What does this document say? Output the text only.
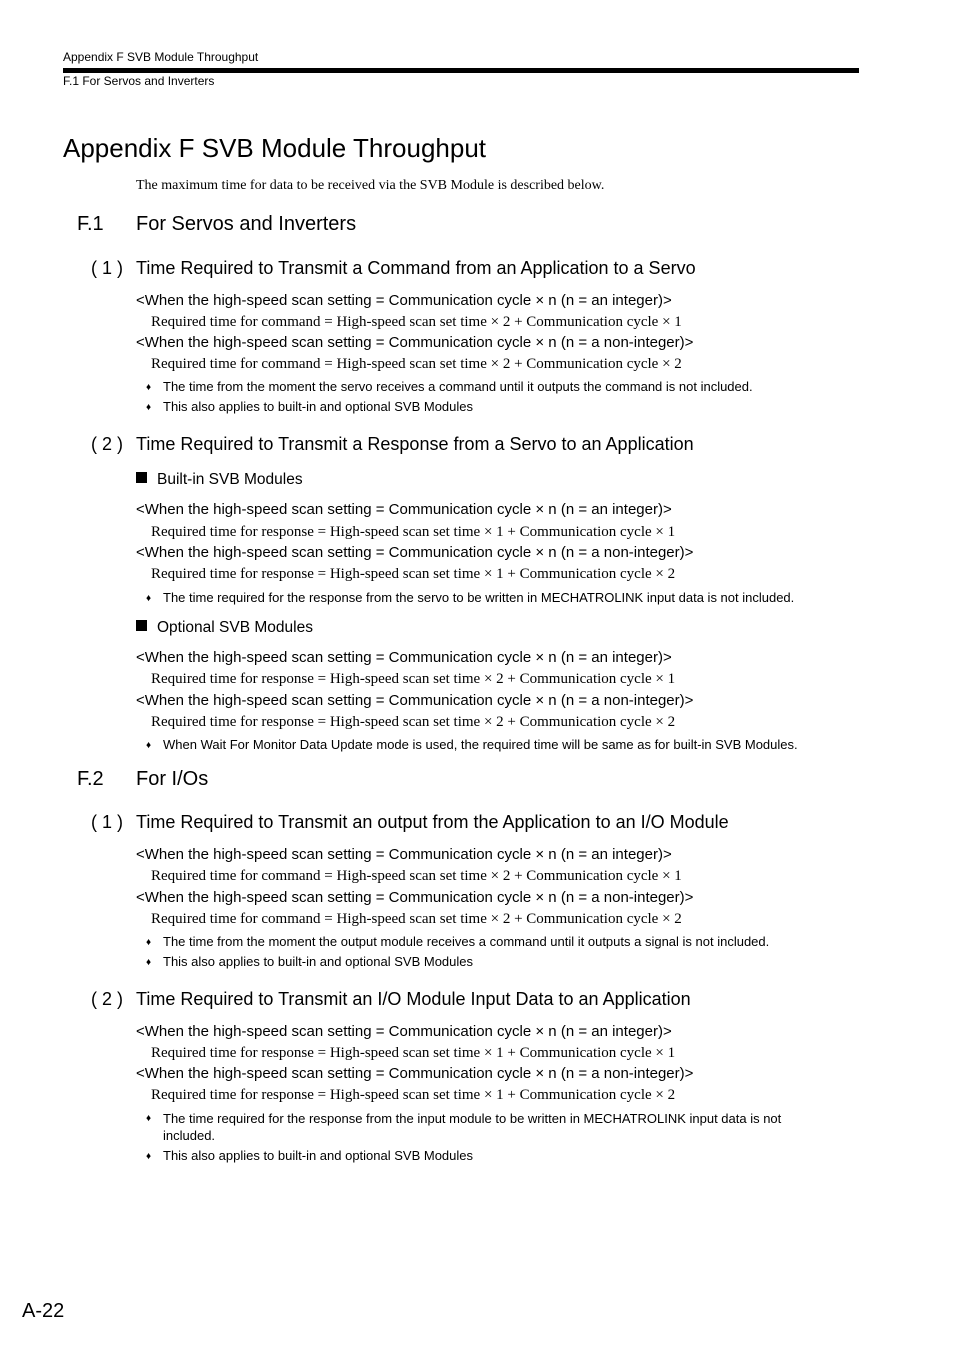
Appendix F SVB Module Throughput
F.1 For Servos and Inverters
Appendix F SVB Module Throughput
The maximum time for data to be received via the SVB Module is described below.
F.1 For Servos and Inverters
( 1 ) Time Required to Transmit a Command from an Application to a Servo
<When the high-speed scan setting = Communication cycle × n (n = an integer)>
Required time for command = High-speed scan set time × 2 + Communication cycle × 1
<When the high-speed scan setting = Communication cycle × n (n = a non-integer)>
Required time for command = High-speed scan set time × 2 + Communication cycle × 2
♦ The time from the moment the servo receives a command until it outputs the command is not included.
♦ This also applies to built-in and optional SVB Modules
( 2 ) Time Required to Transmit a Response from a Servo to an Application
Built-in SVB Modules
<When the high-speed scan setting = Communication cycle × n (n = an integer)>
Required time for response = High-speed scan set time × 1 + Communication cycle × 1
<When the high-speed scan setting = Communication cycle × n (n = a non-integer)>
Required time for response = High-speed scan set time × 1 + Communication cycle × 2
♦ The time required for the response from the servo to be written in MECHATROLINK input data is not included.
Optional SVB Modules
<When the high-speed scan setting = Communication cycle × n (n = an integer)>
Required time for response = High-speed scan set time × 2 + Communication cycle × 1
<When the high-speed scan setting = Communication cycle × n (n = a non-integer)>
Required time for response = High-speed scan set time × 2 + Communication cycle × 2
♦ When Wait For Monitor Data Update mode is used, the required time will be same as for built-in SVB Modules.
F.2 For I/Os
( 1 ) Time Required to Transmit an output from the Application to an I/O Module
<When the high-speed scan setting = Communication cycle × n (n = an integer)>
Required time for command = High-speed scan set time × 2 + Communication cycle × 1
<When the high-speed scan setting = Communication cycle × n (n = a non-integer)>
Required time for command = High-speed scan set time × 2 + Communication cycle × 2
♦ The time from the moment the output module receives a command until it outputs a signal is not included.
♦ This also applies to built-in and optional SVB Modules
( 2 ) Time Required to Transmit an I/O Module Input Data to an Application
<When the high-speed scan setting = Communication cycle × n (n = an integer)>
Required time for response = High-speed scan set time × 1 + Communication cycle × 1
<When the high-speed scan setting = Communication cycle × n (n = a non-integer)>
Required time for response = High-speed scan set time × 1 + Communication cycle × 2
♦ The time required for the response from the input module to be written in MECHATROLINK input data is not included.
♦ This also applies to built-in and optional SVB Modules
A-22
